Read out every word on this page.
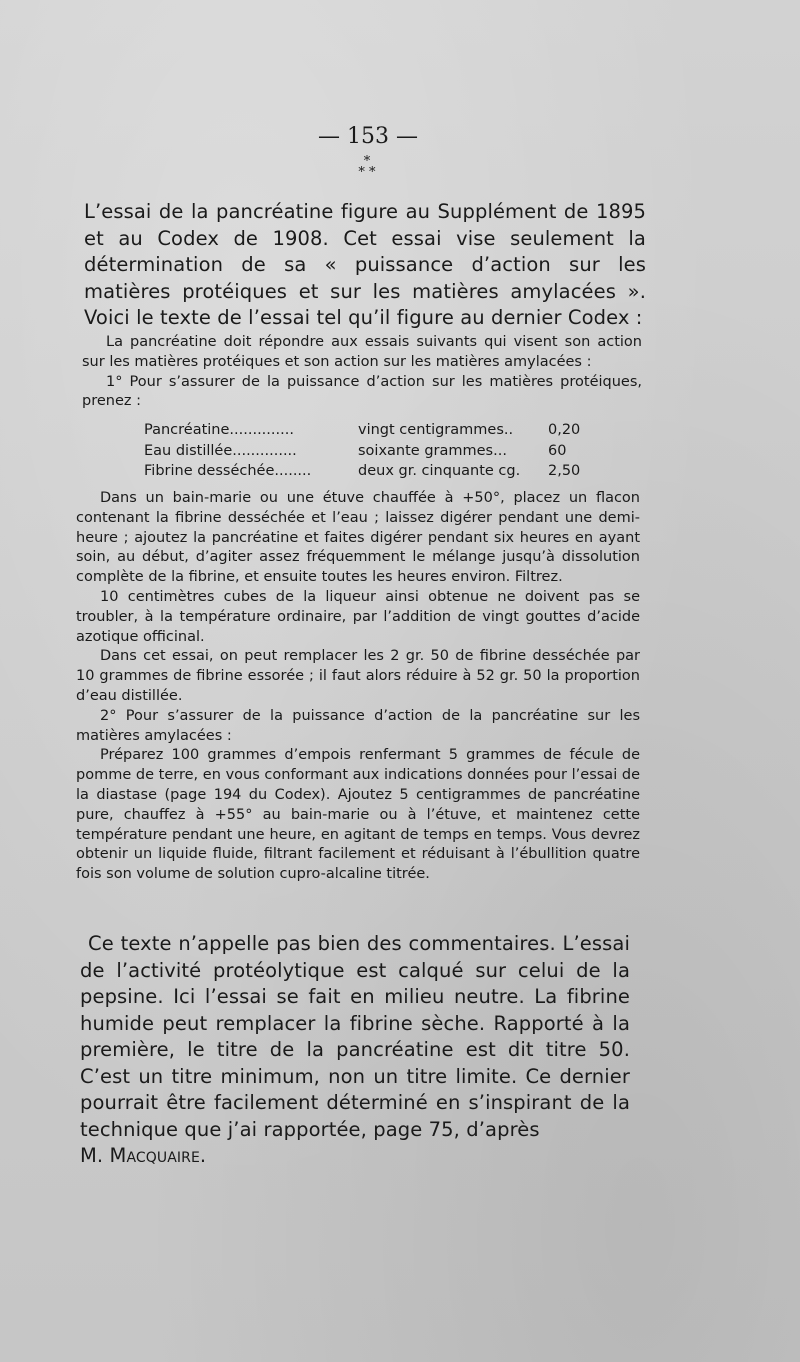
— 153 —
*
* *

L’essai de la pancréatine figure au Supplément de 1895 et au Codex de 1908. Cet essai vise seulement la détermination de sa « puissance d’action sur les matières protéiques et sur les matières amylacées ». Voici le texte de l’essai tel qu’il figure au dernier Codex :

La pancréatine doit répondre aux essais suivants qui visent son action sur les matières protéiques et son action sur les matières amylacées :

1° Pour s’assurer de la puissance d’action sur les matières protéiques, prenez :

Pancréatine..............	vingt centigrammes.. 0,20
Eau distillée..............	soixante grammes...	60
Fibrine desséchée........	deux gr. cinquante cg. 2,50

Dans un bain-marie ou une étuve chauffée à +50°, placez un flacon contenant la fibrine desséchée et l’eau ; laissez digérer pendant une demi-heure ; ajoutez la pancréatine et faites digérer pendant six heures en ayant soin, au début, d’agiter assez fréquemment le mélange jusqu’à dissolution complète de la fibrine, et ensuite toutes les heures environ. Filtrez.

10 centimètres cubes de la liqueur ainsi obtenue ne doivent pas se troubler, à la température ordinaire, par l’addition de vingt gouttes d’acide azotique officinal.

Dans cet essai, on peut remplacer les 2 gr. 50 de fibrine desséchée par 10 grammes de fibrine essorée ; il faut alors réduire à 52 gr. 50 la proportion d’eau distillée.

2° Pour s’assurer de la puissance d’action de la pancréatine sur les matières amylacées :

Préparez 100 grammes d’empois renfermant 5 grammes de fécule de pomme de terre, en vous conformant aux indications données pour l’essai de la diastase (page 194 du Codex). Ajoutez 5 centigrammes de pancréatine pure, chauffez à +55° au bain-marie ou à l’étuve, et maintenez cette température pendant une heure, en agitant de temps en temps. Vous devrez obtenir un liquide fluide, filtrant facilement et réduisant à l’ébullition quatre fois son volume de solution cupro-alcaline titrée.

Ce texte n’appelle pas bien des commentaires. L’essai de l’activité protéolytique est calqué sur celui de la pepsine. Ici l’essai se fait en milieu neutre. La fibrine humide peut remplacer la fibrine sèche. Rapporté à la première, le titre de la pancréatine est dit titre 50. C’est un titre minimum, non un titre limite. Ce dernier pourrait être facilement déterminé en s’inspirant de la technique que j’ai rapportée, page 75, d’après
M. Macquaire.
